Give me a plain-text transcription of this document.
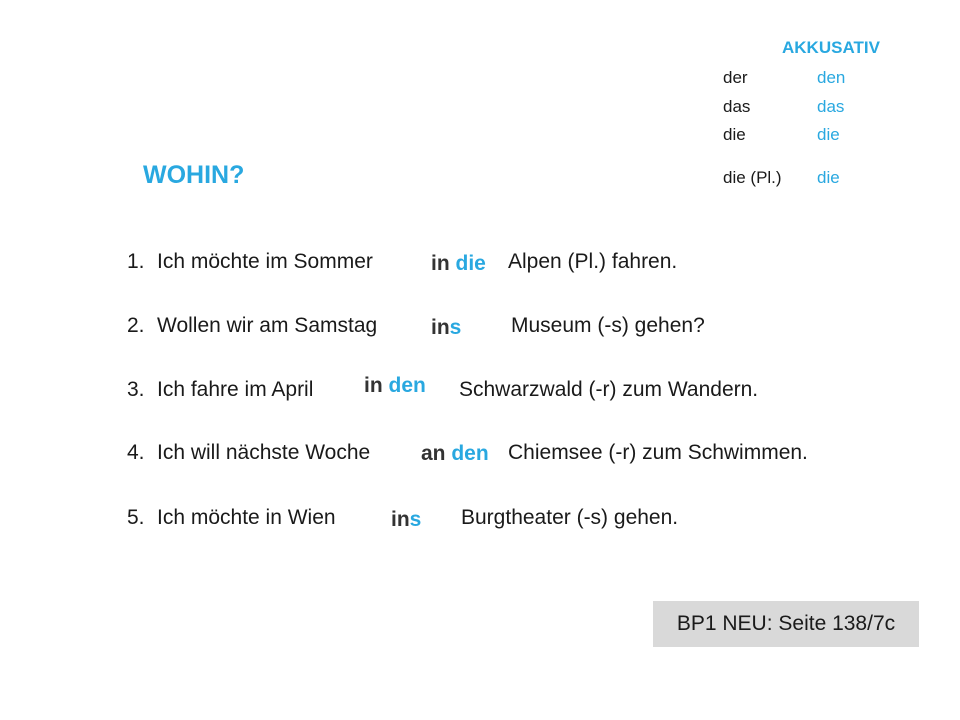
AKKUSATIV
der	den
das	das
die	die
die (Pl.) die
WOHIN?
1. Ich möchte im Sommer	in die Alpen (Pl.) fahren.
2. Wollen wir am Samstag	ins Museum (-s) gehen?
3. Ich fahre im April in den Schwarzwald (-r) zum Wandern.
4. Ich will nächste Woche an den Chiemsee (-r) zum Schwimmen.
5. Ich möchte in Wien	ins Burgtheater (-s) gehen.
BP1 NEU: Seite 138/7c
